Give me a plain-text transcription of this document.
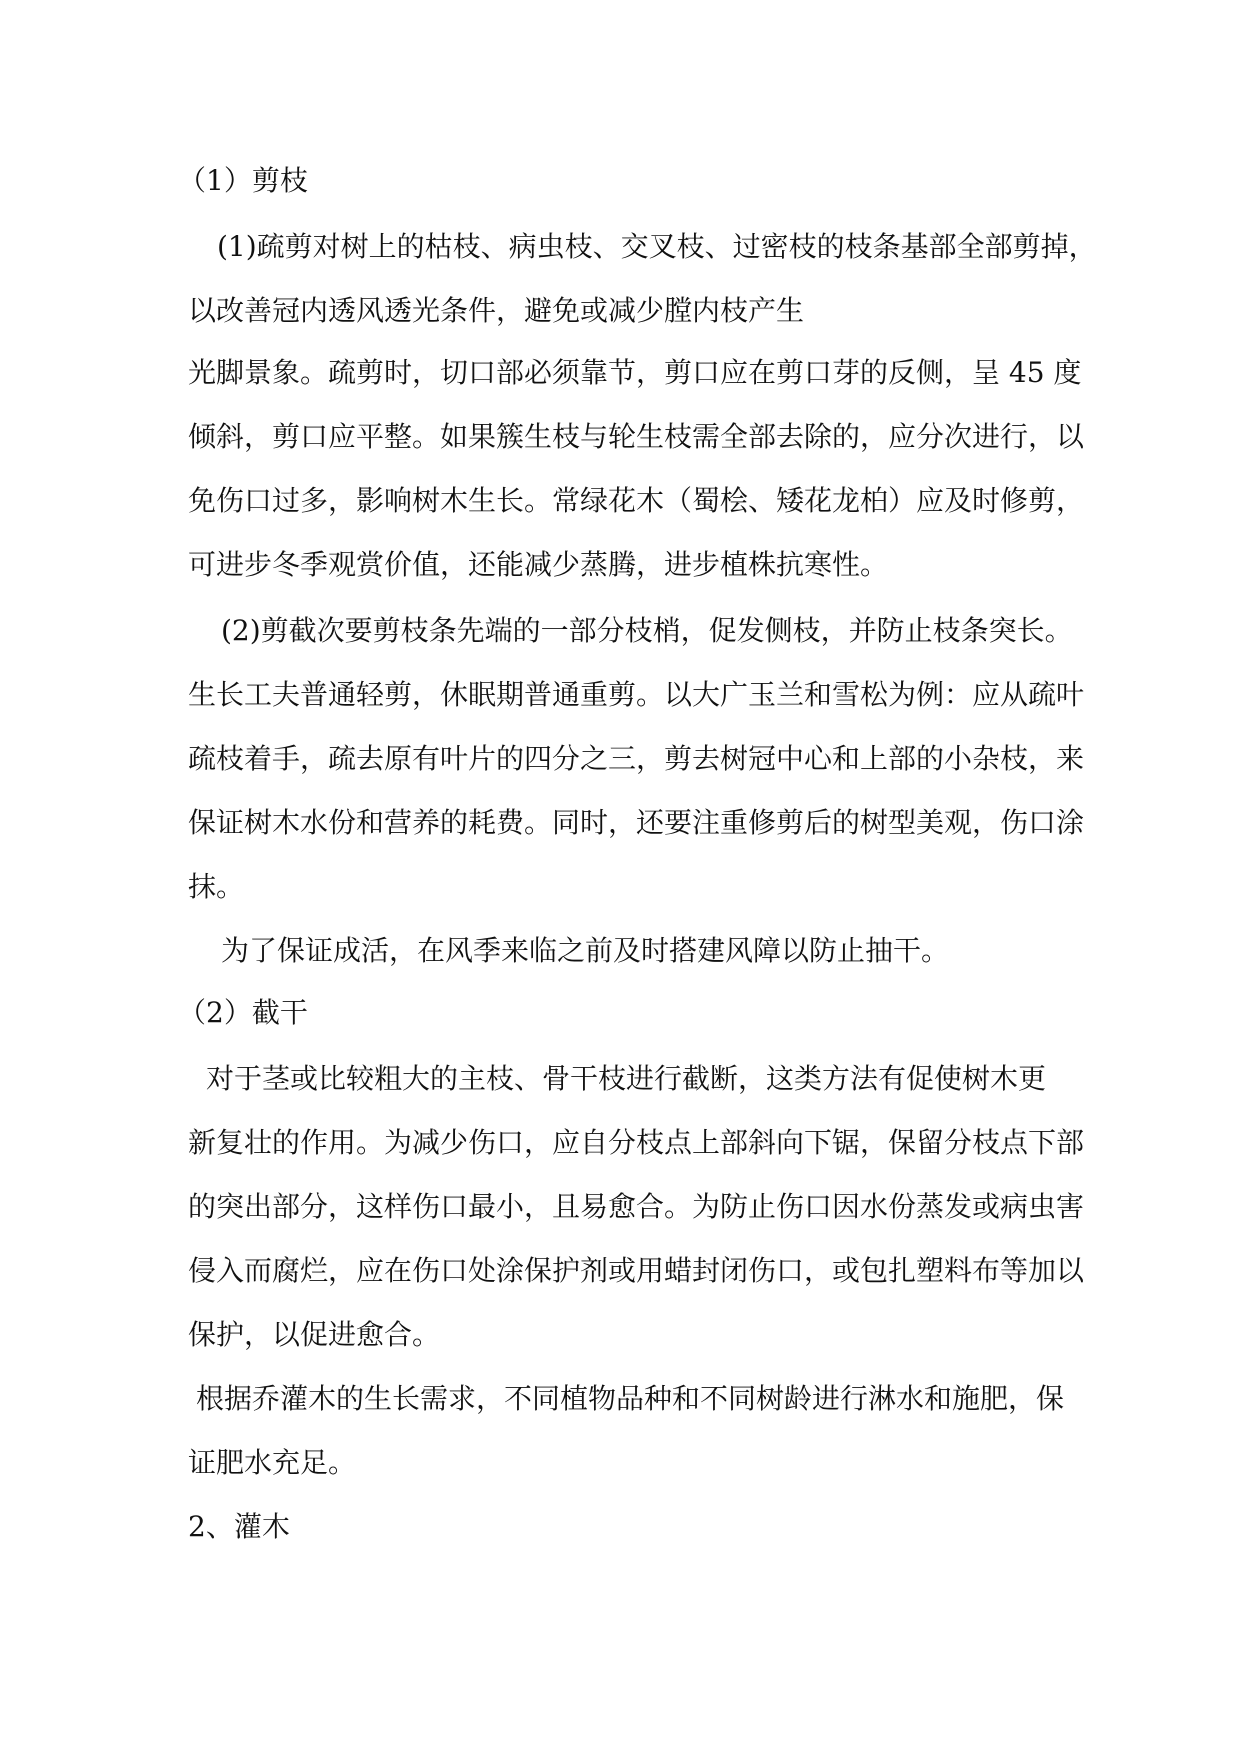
（1）剪枝
(1)疏剪对树上的枯枝、病虫枝、交叉枝、过密枝的枝条基部全部剪掉，
以改善冠内透风透光条件，避免或减少膛内枝产生
光脚景象。疏剪时，切口部必须靠节，剪口应在剪口芽的反侧，呈 45 度
倾斜，剪口应平整。如果簇生枝与轮生枝需全部去除的，应分次进行，以
免伤口过多，影响树木生长。常绿花木（蜀桧、矮花龙柏）应及时修剪，
可进步冬季观赏价值，还能减少蒸腾，进步植株抗寒性。
(2)剪截次要剪枝条先端的一部分枝梢，促发侧枝，并防止枝条突长。
生长工夫普通轻剪，休眠期普通重剪。以大广玉兰和雪松为例：应从疏叶
疏枝着手，疏去原有叶片的四分之三，剪去树冠中心和上部的小杂枝，来
保证树木水份和营养的耗费。同时，还要注重修剪后的树型美观，伤口涂
抹。
为了保证成活，在风季来临之前及时搭建风障以防止抽干。
（2）截干
对于茎或比较粗大的主枝、骨干枝进行截断，这类方法有促使树木更
新复壮的作用。为减少伤口，应自分枝点上部斜向下锯，保留分枝点下部
的突出部分，这样伤口最小，且易愈合。为防止伤口因水份蒸发或病虫害
侵入而腐烂，应在伤口处涂保护剂或用蜡封闭伤口，或包扎塑料布等加以
保护，以促进愈合。
根据乔灌木的生长需求，不同植物品种和不同树龄进行淋水和施肥，保
证肥水充足。
2、灌木
